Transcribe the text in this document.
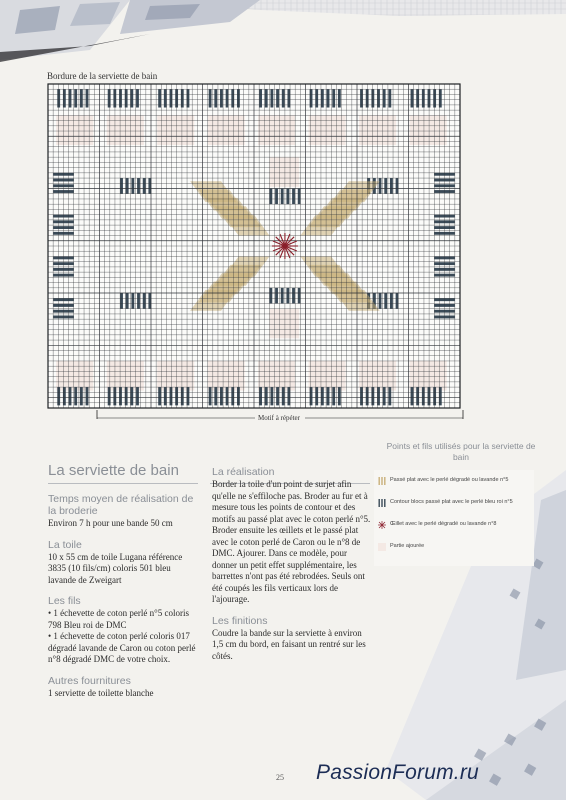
Bordure de la serviette de bain
Motif à répéter
La serviette de bain
Temps moyen de réalisation de la broderie

Environ 7 h pour une bande 50 cm

La toile

10 x 55 cm de toile Lugana référence 3835 (10 fils/cm) coloris 501 bleu lavande de Zweigart

Les fils

• 1 échevette de coton perlé n°5 coloris 798 Bleu roi de DMC

• 1 échevette de coton perlé coloris 017 dégradé lavande de Caron ou coton perlé n°8 dégradé DMC de votre choix.

Autres fournitures

1 serviette de toilette blanche

La réalisation

Border la toile d'un point de surjet afin qu'elle ne s'effiloche pas. Broder au fur et à mesure tous les points de contour et des motifs au passé plat avec le coton perlé n°5. Broder ensuite les œillets et le passé plat avec le coton perlé de Caron ou le n°8 de DMC. Ajourer. Dans ce modèle, pour donner un petit effet supplémentaire, les barrettes n'ont pas été rebrodées. Seuls ont été coupés les fils verticaux lors de l'ajourage.

Les finitions

Coudre la bande sur la serviette à environ 1,5 cm du bord, en faisant un rentré sur les côtés.

Points et fils utilisés pour la serviette de bain
Passé plat avec le perlé dégradé ou lavande n°5
Contour blocs passé plat avec le perlé bleu roi n°5
Œillet avec le perlé dégradé ou lavande n°8
Partie ajourée
25 PassionForum.ru
